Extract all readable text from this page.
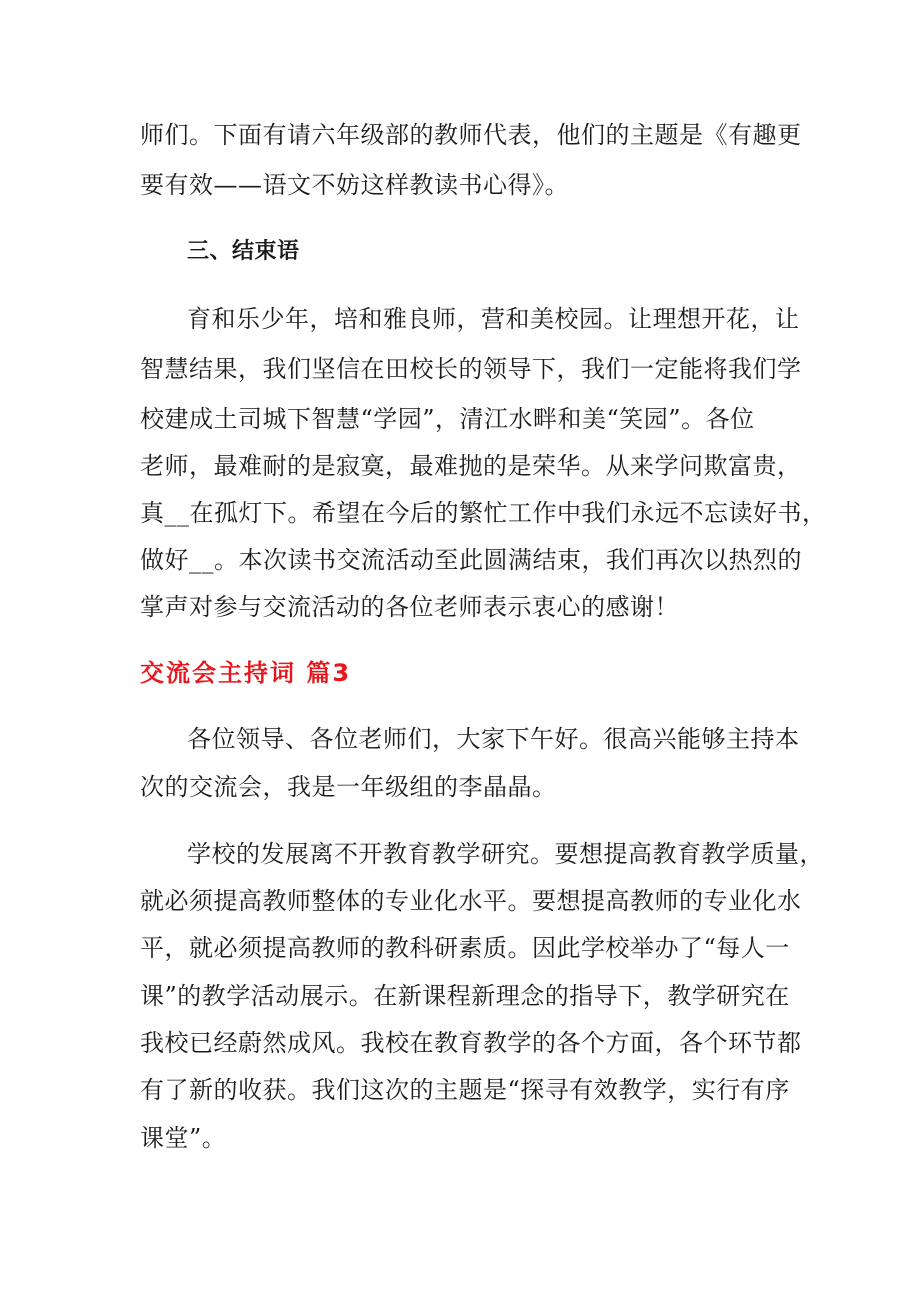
师们。下面有请六年级部的教师代表，他们的主题是《有趣更
要有效——语文不妨这样教读书心得》。
三、结束语
育和乐少年，培和雅良师，营和美校园。让理想开花，让
智慧结果，我们坚信在田校长的领导下，我们一定能将我们学
校建成土司城下智慧“学园”，清江水畔和美“笑园”。各位
老师，最难耐的是寂寞，最难抛的是荣华。从来学问欺富贵，
真__在孤灯下。希望在今后的繁忙工作中我们永远不忘读好书，
做好__。本次读书交流活动至此圆满结束，我们再次以热烈的
掌声对参与交流活动的各位老师表示衷心的感谢！
交流会主持词 篇3
各位领导、各位老师们，大家下午好。很高兴能够主持本
次的交流会，我是一年级组的李晶晶。
学校的发展离不开教育教学研究。要想提高教育教学质量，
就必须提高教师整体的专业化水平。要想提高教师的专业化水
平，就必须提高教师的教科研素质。因此学校举办了“每人一
课”的教学活动展示。在新课程新理念的指导下，教学研究在
我校已经蔚然成风。我校在教育教学的各个方面，各个环节都
有了新的收获。我们这次的主题是“探寻有效教学，实行有序
课堂”。
